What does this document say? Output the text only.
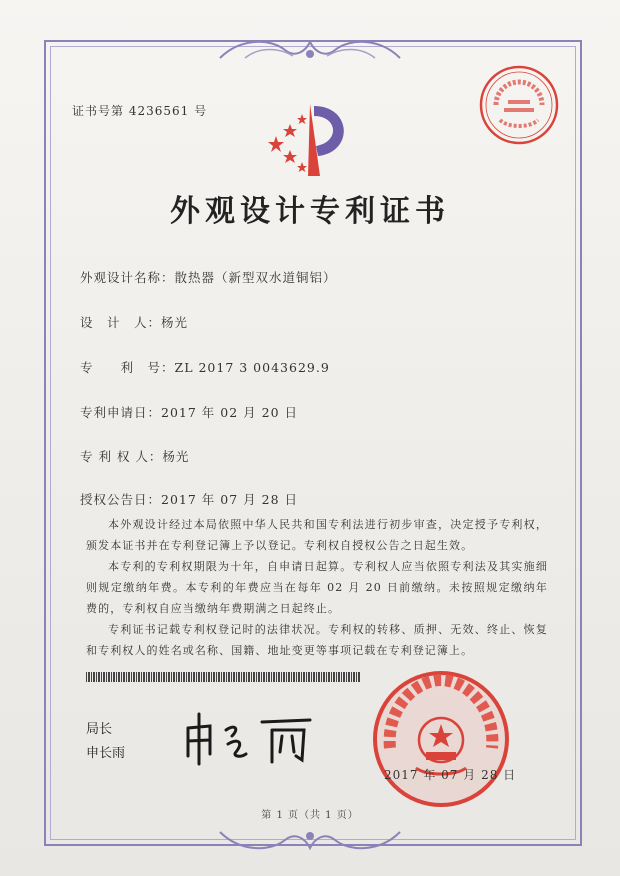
证书号第 4236561 号
外观设计专利证书
外观设计名称：散热器（新型双水道铜铝）
设　计　人：杨光
专　　利　号：ZL 2017 3 0043629.9
专利申请日：2017 年 02 月 20 日
专 利 权 人：杨光
授权公告日：2017 年 07 月 28 日

本外观设计经过本局依照中华人民共和国专利法进行初步审查，决定授予专利权，颁发本证书并在专利登记簿上予以登记。专利权自授权公告之日起生效。

本专利的专利权期限为十年，自申请日起算。专利权人应当依照专利法及其实施细则规定缴纳年费。本专利的年费应当在每年 02 月 20 日前缴纳。未按照规定缴纳年费的，专利权自应当缴纳年费期满之日起终止。

专利证书记载专利权登记时的法律状况。专利权的转移、质押、无效、终止、恢复和专利权人的姓名或名称、国籍、地址变更等事项记载在专利登记簿上。

局长
申长雨
2017 年 07 月 28 日
第 1 页（共 1 页）
